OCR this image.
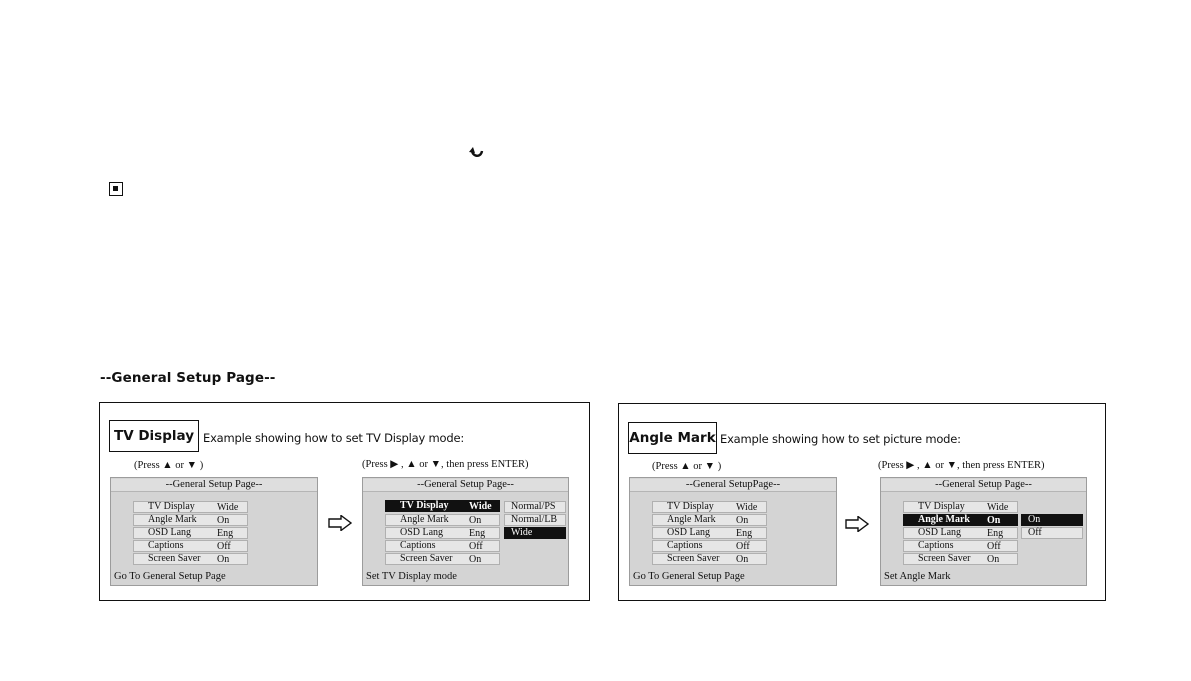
--General Setup Page--
TV Display Example showing how to set TV Display mode:
(Press ▲ or ▼ )	(Press ▶ , ▲ or ▼, then press ENTER)
--General Setup Page--
TV Display Wide
Angle Mark On
OSD Lang	Eng
Captions	Off
Screen Saver On
Go To General Setup Page
--General Setup Page--
TV Display Wide
Angle Mark On
OSD Lang	Eng
Captions	Off
Screen Saver On
Normal/PS
Normal/LB
Wide
Set TV Display mode
Angle Mark Example showing how to set picture mode:
(Press ▲ or ▼ )	(Press ▶ , ▲ or ▼, then press ENTER)
--General SetupPage--
TV Display Wide
Angle Mark On
OSD Lang	Eng
Captions	Off
Screen Saver On
Go To General Setup Page
--General Setup Page--
TV Display Wide
Angle Mark On
OSD Lang	Eng
Captions	Off
Screen Saver On
On
Off
Set Angle Mark
